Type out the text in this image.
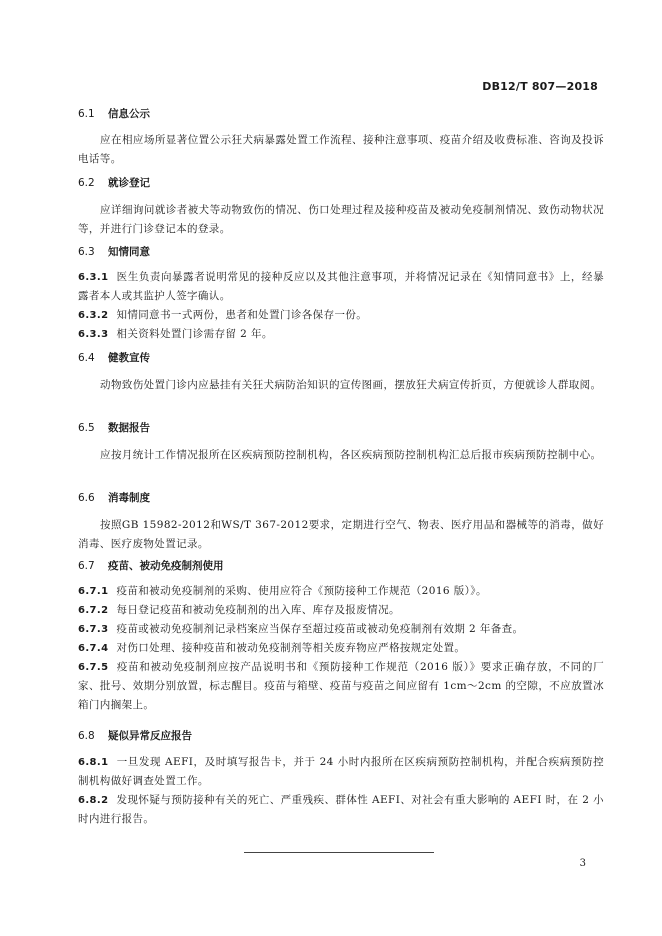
DB12/T 807—2018
6.1 信息公示
应在相应场所显著位置公示狂犬病暴露处置工作流程、接种注意事项、疫苗介绍及收费标准、咨询及投诉电话等。
6.2 就诊登记
应详细询问就诊者被犬等动物致伤的情况、伤口处理过程及接种疫苗及被动免疫制剂情况、致伤动物状况等，并进行门诊登记本的登录。
6.3 知情同意
6.3.1 医生负责向暴露者说明常见的接种反应以及其他注意事项，并将情况记录在《知情同意书》上，经暴露者本人或其监护人签字确认。
6.3.2 知情同意书一式两份，患者和处置门诊各保存一份。
6.3.3 相关资料处置门诊需存留 2 年。
6.4 健教宣传
动物致伤处置门诊内应悬挂有关狂犬病防治知识的宣传图画，摆放狂犬病宣传折页，方便就诊人群取阅。
6.5 数据报告
应按月统计工作情况报所在区疾病预防控制机构，各区疾病预防控制机构汇总后报市疾病预防控制中心。
6.6 消毒制度
按照GB 15982-2012和WS/T 367-2012要求，定期进行空气、物表、医疗用品和器械等的消毒，做好消毒、医疗废物处置记录。
6.7 疫苗、被动免疫制剂使用
6.7.1 疫苗和被动免疫制剂的采购、使用应符合《预防接种工作规范（2016 版）》。
6.7.2 每日登记疫苗和被动免疫制剂的出入库、库存及报废情况。
6.7.3 疫苗或被动免疫制剂记录档案应当保存至超过疫苗或被动免疫制剂有效期 2 年备查。
6.7.4 对伤口处理、接种疫苗和被动免疫制剂等相关废弃物应严格按规定处置。
6.7.5 疫苗和被动免疫制剂应按产品说明书和《预防接种工作规范（2016 版）》要求正确存放，不同的厂家、批号、效期分别放置，标志醒目。疫苗与箱壁、疫苗与疫苗之间应留有 1cm～2cm 的空隙，不应放置冰箱门内搁架上。
6.8 疑似异常反应报告
6.8.1 一旦发现 AEFI，及时填写报告卡，并于 24 小时内报所在区疾病预防控制机构，并配合疾病预防控制机构做好调查处置工作。
6.8.2 发现怀疑与预防接种有关的死亡、严重残疾、群体性 AEFI、对社会有重大影响的 AEFI 时，在 2 小时内进行报告。
3
